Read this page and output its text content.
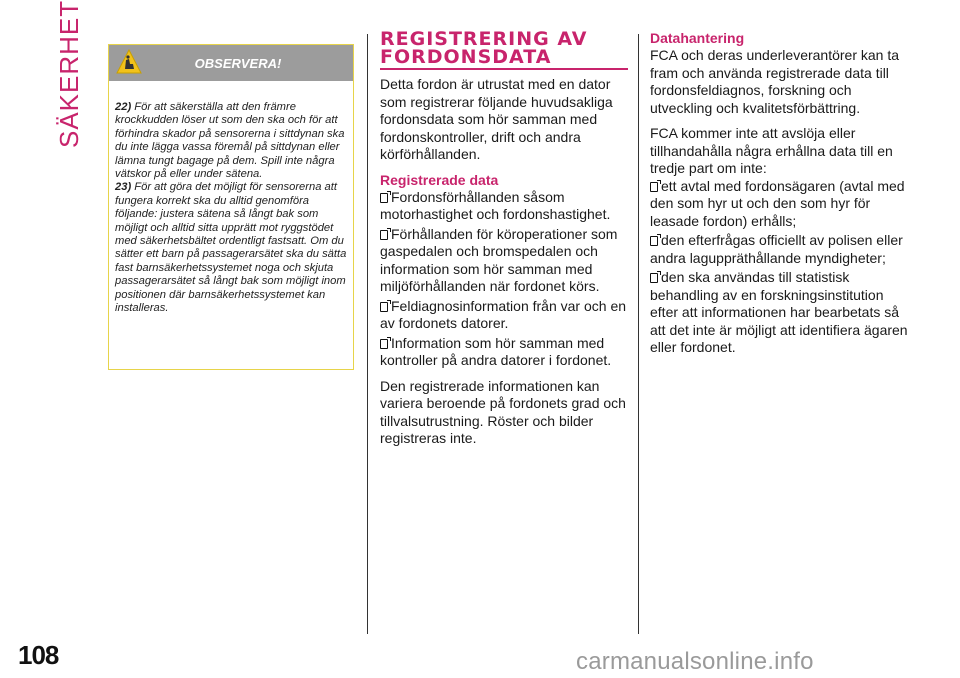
SÄKERHET	OBSERVERA!

22) För att säkerställa att den främre krockkudden löser ut som den ska och för att förhindra skador på sensorerna i sittdynan ska du inte lägga vassa föremål på sittdynan eller lämna tungt bagage på dem. Spill inte några vätskor på eller under sätena.

23) För att göra det möjligt för sensorerna att fungera korrekt ska du alltid genomföra följande: justera sätena så långt bak som möjligt och alltid sitta upprätt mot ryggstödet med säkerhetsbältet ordentligt fastsatt. Om du sätter ett barn på passagerarsätet ska du sätta fast barnsäkerhetssystemet noga och skjuta passagerarsätet så långt bak som möjligt inom positionen där barnsäkerhetssystemet kan installeras.

REGISTRERING AV
FORDONSDATA

Detta fordon är utrustat med en dator som registrerar följande huvudsakliga fordonsdata som hör samman med fordonskontroller, drift och andra körförhållanden.

Registrerade data
Fordonsförhållanden såsom motorhastighet och fordonshastighet.
Förhållanden för köroperationer som gaspedalen och bromspedalen och information som hör samman med miljöförhållanden när fordonet körs.
Feldiagnosinformation från var och en av fordonets datorer.
Information som hör samman med kontroller på andra datorer i fordonet.

Den registrerade informationen kan variera beroende på fordonets grad och tillvalsutrustning. Röster och bilder registreras inte.

Datahantering

FCA och deras underleverantörer kan ta fram och använda registrerade data till fordonsfeldiagnos, forskning och utveckling och kvalitetsförbättring.

FCA kommer inte att avslöja eller tillhandahålla några erhållna data till en tredje part om inte:

ett avtal med fordonsägaren (avtal med den som hyr ut och den som hyr för leasade fordon) erhålls;
den efterfrågas officiellt av polisen eller andra laguppräthållande myndigheter;
den ska användas till statistisk behandling av en forskningsinstitution efter att informationen har bearbetats så att det inte är möjligt att identifiera ägaren eller fordonet.
108	carmanualsonline.info
